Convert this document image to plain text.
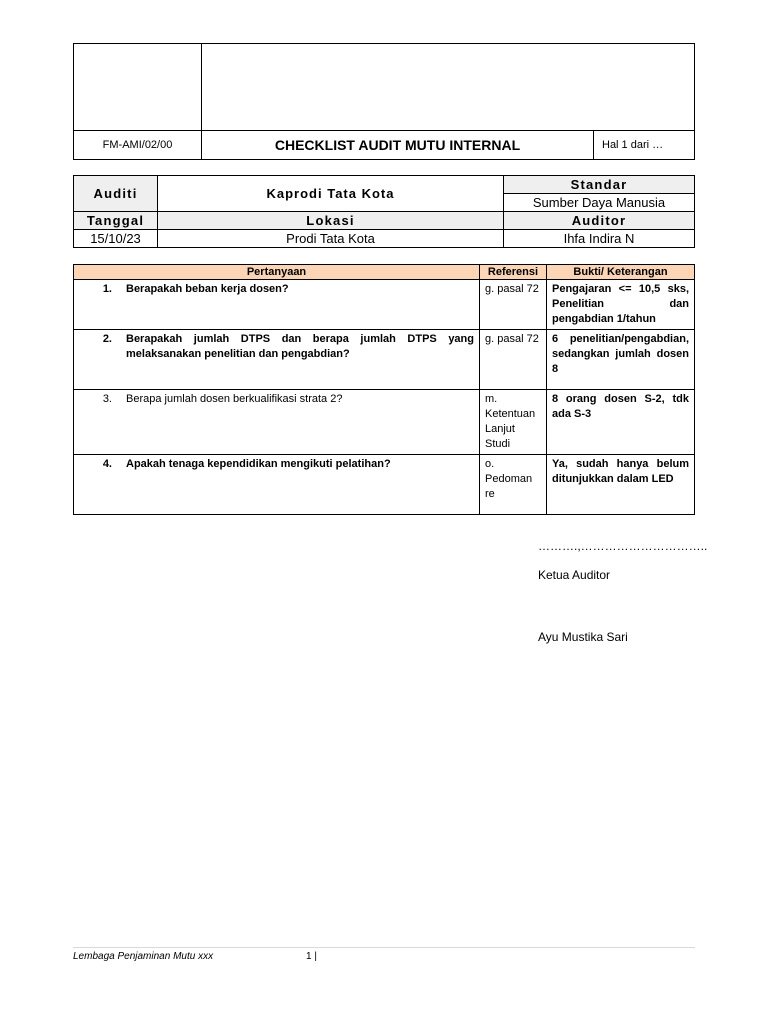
FM-AMI/02/00	CHECKLIST AUDIT MUTU INTERNAL	Hal 1 dari …
Auditi	Kaprodi Tata Kota	Standar
		Sumber Daya Manusia
Tanggal	Lokasi	Auditor
15/10/23	Prodi Tata Kota	Ihfa Indira N
Pertanyaan	Referensi	Bukti/ Keterangan

1. Berapakah beban kerja dosen?	g. pasal 72	Pengajaran <= 10,5 sks, Penelitian dan pengabdian 1/tahun

2. Berapakah jumlah DTPS dan berapa jumlah DTPS yang melaksanakan penelitian dan pengabdian?	g. pasal 72	6 penelitian/pengabdian, sedangkan jumlah dosen 8

3. Berapa jumlah dosen berkualifikasi strata 2?	m. Ketentuan Lanjut Studi	8 orang dosen S-2, tdk ada S-3

4. Apakah tenaga kependidikan mengikuti pelatihan?	o. Pedoman re	Ya, sudah hanya belum ditunjukkan dalam LED
……….,…………………………..
Ketua Auditor
Ayu Mustika Sari
Lembaga Penjaminan Mutu xxx	1 |
